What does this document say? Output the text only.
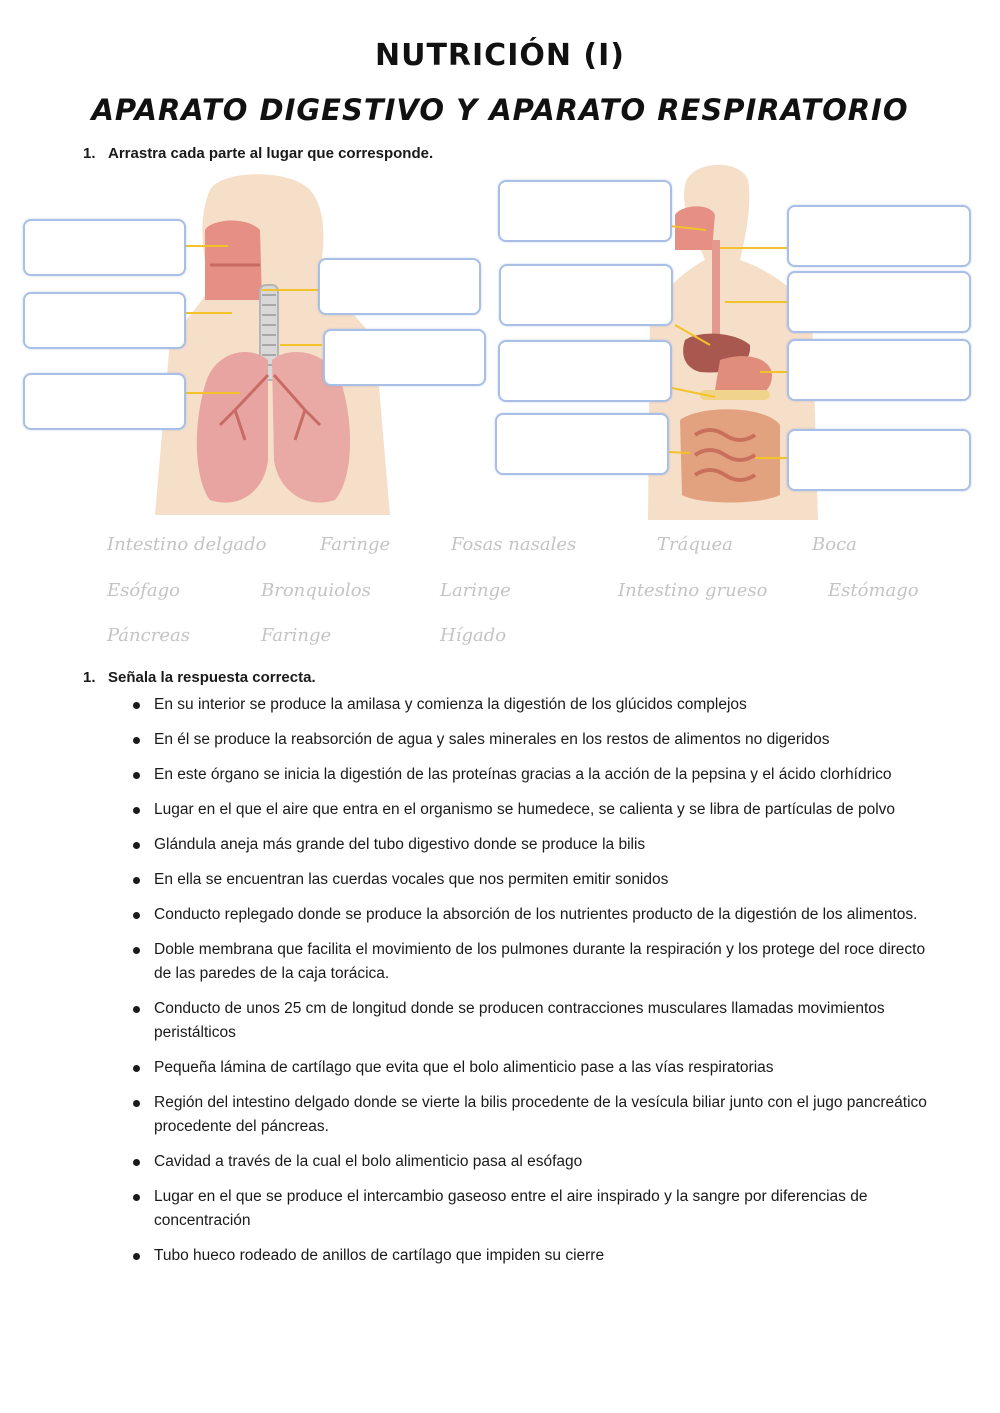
NUTRICIÓN (I)
APARATO DIGESTIVO Y APARATO RESPIRATORIO
1. Arrastra cada parte al lugar que corresponde.
Intestino delgado	Faringe	Fosas nasales	Tráquea	Boca
Esófago	Bronquiolos	Laringe	Intestino grueso	Estómago
Páncreas	Faringe	Hígado
1. Señala la respuesta correcta.
En su interior se produce la amilasa y comienza la digestión de los glúcidos complejos
En él se produce la reabsorción de agua y sales minerales en los restos de alimentos no digeridos
En este órgano se inicia la digestión de las proteínas gracias a la acción de la pepsina y el ácido clorhídrico
Lugar en el que el aire que entra en el organismo se humedece, se calienta y se libra de partículas de polvo
Glándula aneja más grande del tubo digestivo donde se produce la bilis
En ella se encuentran las cuerdas vocales que nos permiten emitir sonidos
Conducto replegado donde se produce la absorción de los nutrientes producto de la digestión de los alimentos.
Doble membrana que facilita el movimiento de los pulmones durante la respiración y los protege del roce directo de las paredes de la caja torácica.
Conducto de unos 25 cm de longitud donde se producen contracciones musculares llamadas movimientos peristálticos
Pequeña lámina de cartílago que evita que el bolo alimenticio pase a las vías respiratorias
Región del intestino delgado donde se vierte la bilis procedente de la vesícula biliar junto con el jugo pancreático procedente del páncreas.
Cavidad a través de la cual el bolo alimenticio pasa al esófago
Lugar en el que se produce el intercambio gaseoso entre el aire inspirado y la sangre por diferencias de concentración
Tubo hueco rodeado de anillos de cartílago que impiden su cierre
